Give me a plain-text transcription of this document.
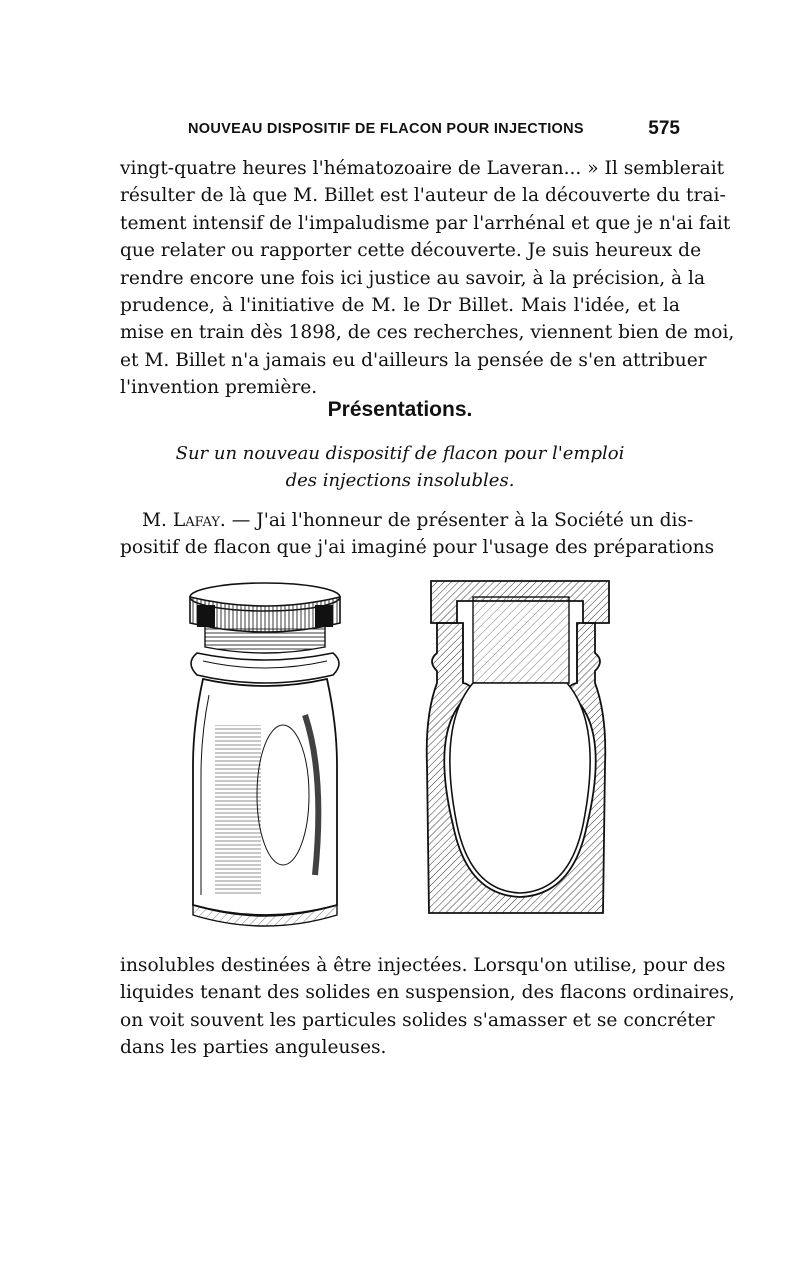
NOUVEAU DISPOSITIF DE FLACON POUR INJECTIONS	575
vingt-quatre heures l'hématozoaire de Laveran... » Il semblerait
résulter de là que M. Billet est l'auteur de la découverte du trai-
tement intensif de l'impaludisme par l'arrhénal et que je n'ai fait
que relater ou rapporter cette découverte. Je suis heureux de
rendre encore une fois ici justice au savoir, à la précision, à la
prudence, à l'initiative de M. le Dr Billet. Mais l'idée, et la
mise en train dès 1898, de ces recherches, viennent bien de moi,
et M. Billet n'a jamais eu d'ailleurs la pensée de s'en attribuer
l'invention première.
Présentations.
Sur un nouveau dispositif de flacon pour l'emploi
des injections insolubles.
M. Lafay. — J'ai l'honneur de présenter à la Société un dis-
positif de flacon que j'ai imaginé pour l'usage des préparations
insolubles destinées à être injectées. Lorsqu'on utilise, pour des
liquides tenant des solides en suspension, des flacons ordinaires,
on voit souvent les particules solides s'amasser et se concréter
dans les parties anguleuses.
